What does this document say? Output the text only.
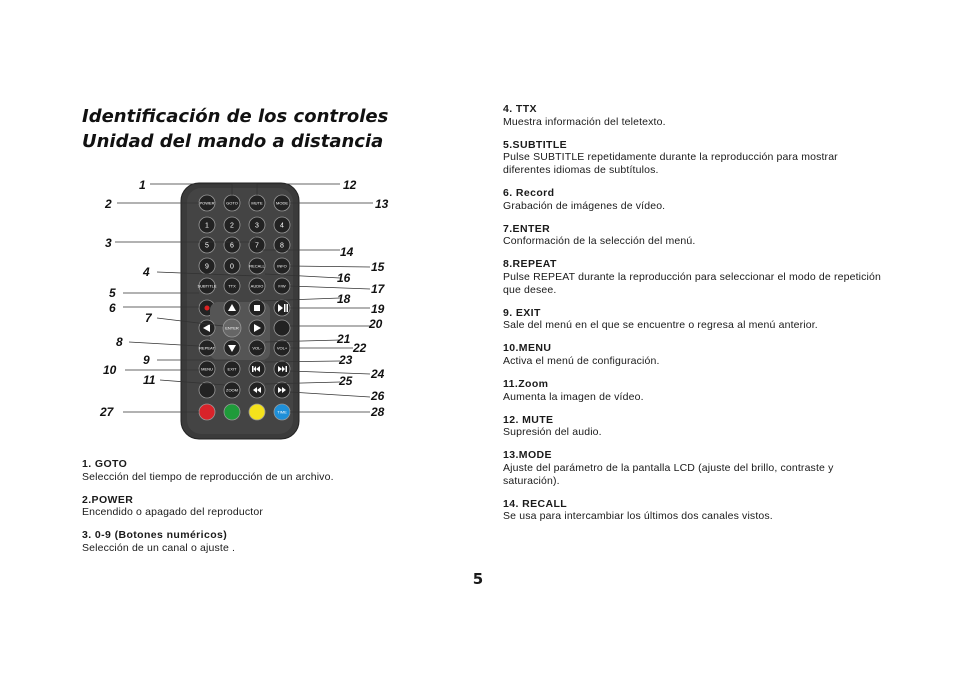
Identificación de los controles
Unidad del mando a distancia
POWER	GOTO	MUTE	MODE
1	2	3	4
5	6	7	8
9	0	RECALL	INFO
SUBTITLE	TTX	AUDIO	F/W
ENTER
REPEAT	VOL-	VOL+
MENU	EXIT
ZOOM
TIME
1
2
3
4
5
6
7
8
9
10
11
27
12
13
14
15
16
17
18
19
20
21
22
23
24
25
26
28
1. GOTO
Selección del tiempo de reproducción de un archivo.
2.POWER
Encendido o apagado del reproductor
3. 0-9 (Botones numéricos)
Selección de un canal o ajuste .
4. TTX
Muestra información del teletexto.
5.SUBTITLE
Pulse SUBTITLE repetidamente durante la reproducción para mostrar diferentes idiomas de subtítulos.
6. Record
Grabación de imágenes de vídeo.
7.ENTER
Conformación de la selección del menú.
8.REPEAT
Pulse REPEAT durante la reproducción para seleccionar el modo de repetición que desee.
9. EXIT
Sale del menú en el que se encuentre o regresa al menú anterior.
10.MENU
Activa el menú de configuración.
11.Zoom
Aumenta la imagen de vídeo.
12. MUTE
Supresión del audio.
13.MODE
Ajuste del parámetro de la pantalla LCD (ajuste del brillo, contraste y saturación).
14. RECALL
Se usa para intercambiar los últimos dos canales vistos.
5
